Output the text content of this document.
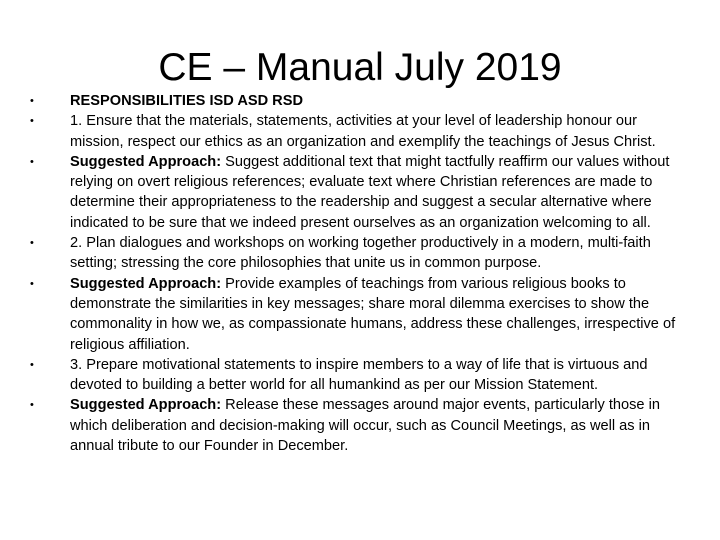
CE – Manual July 2019
•	RESPONSIBILITIES ISD ASD RSD
•	1. Ensure that the materials, statements, activities at your level of leadership honour our mission, respect our ethics as an organization and exemplify the teachings of Jesus Christ.
•	Suggested Approach: Suggest additional text that might tactfully reaffirm our values without relying on overt religious references; evaluate text where Christian references are made to determine their appropriateness to the readership and suggest a secular alternative where indicated to be sure that we indeed present ourselves as an organization welcoming to all.
•	2. Plan dialogues and workshops on working together productively in a modern, multi-faith setting; stressing the core philosophies that unite us in common purpose.
•	Suggested Approach: Provide examples of teachings from various religious books to demonstrate the similarities in key messages; share moral dilemma exercises to show the commonality in how we, as compassionate humans, address these challenges, irrespective of religious affiliation.
•	3. Prepare motivational statements to inspire members to a way of life that is virtuous and devoted to building a better world for all humankind as per our Mission Statement.
•	Suggested Approach: Release these messages around major events, particularly those in which deliberation and decision-making will occur, such as Council Meetings, as well as in annual tribute to our Founder in December.
